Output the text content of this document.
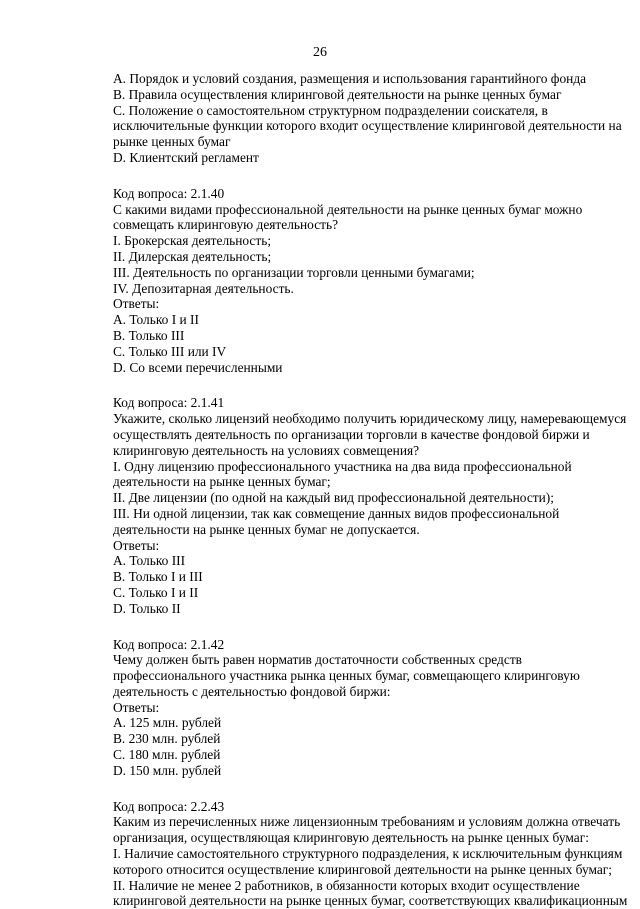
26
А. Порядок и условий создания, размещения и использования гарантийного фонда
В. Правила осуществления клиринговой деятельности на рынке ценных бумаг
С. Положение о самостоятельном структурном подразделении соискателя, в
исключительные функции которого входит осуществление клиринговой деятельности на
рынке ценных бумаг
D. Клиентский регламент
Код вопроса: 2.1.40
С какими видами профессиональной деятельности на рынке ценных бумаг можно
совмещать клиринговую деятельность?
I. Брокерская деятельность;
II. Дилерская деятельность;
III. Деятельность по организации торговли ценными бумагами;
IV. Депозитарная деятельность.
Ответы:
А. Только I и II
В. Только III
С. Только III или IV
D. Со всеми перечисленными
Код вопроса: 2.1.41
Укажите, сколько лицензий необходимо получить юридическому лицу, намеревающемуся
осуществлять деятельность по организации торговли в качестве фондовой биржи и
клиринговую деятельность на условиях совмещения?
I. Одну лицензию профессионального участника на два вида профессиональной
деятельности на рынке ценных бумаг;
II. Две лицензии (по одной на каждый вид профессиональной деятельности);
III. Ни одной лицензии, так как совмещение данных видов профессиональной
деятельности на рынке ценных бумаг не допускается.
Ответы:
А. Только III
В. Только I и III
С. Только I и II
D. Только II
Код вопроса: 2.1.42
Чему должен быть равен норматив достаточности собственных средств
профессионального участника рынка ценных бумаг, совмещающего клиринговую
деятельность с деятельностью фондовой биржи:
Ответы:
А. 125 млн. рублей
В. 230 млн. рублей
С. 180 млн. рублей
D. 150 млн. рублей
Код вопроса: 2.2.43
Каким из перечисленных ниже лицензионным требованиям и условиям должна отвечать
организация, осуществляющая клиринговую деятельность на рынке ценных бумаг:
I. Наличие самостоятельного структурного подразделения, к исключительным функциям
которого относится осуществление клиринговой деятельности на рынке ценных бумаг;
II. Наличие не менее 2 работников, в обязанности которых входит осуществление
клиринговой деятельности на рынке ценных бумаг, соответствующих квалификационным
